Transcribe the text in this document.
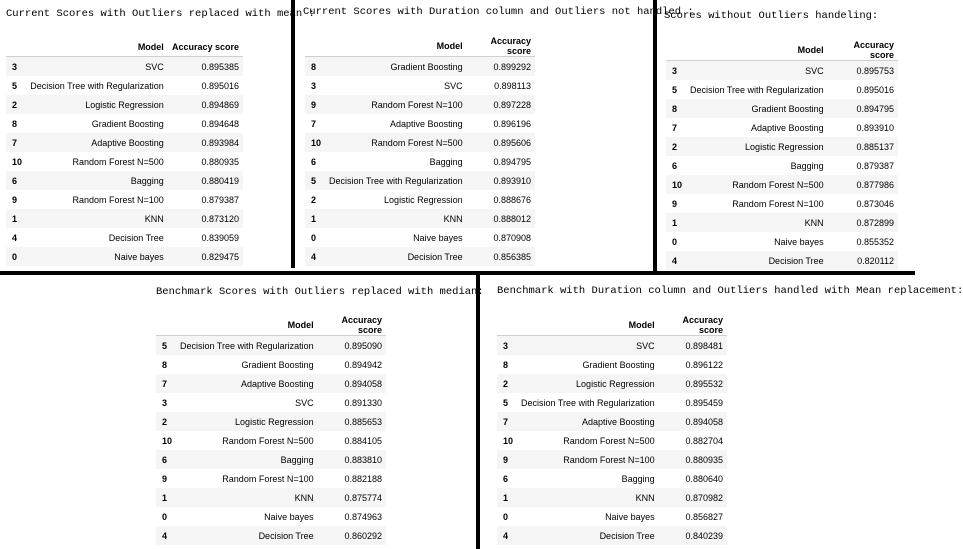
Current Scores with Outliers replaced with mean :
	Model	Accuracy score
3	SVC	0.895385
5	Decision Tree with Regularization	0.895016
2	Logistic Regression	0.894869
8	Gradient Boosting	0.894648
7	Adaptive Boosting	0.893984
10	Random Forest N=500	0.880935
6	Bagging	0.880419
9	Random Forest N=100	0.879387
1	KNN	0.873120
4	Decision Tree	0.839059
0	Naive bayes	0.829475
Current Scores with Duration column and Outliers not handled :
	Model	Accuracy score
8	Gradient Boosting	0.899292
3	SVC	0.898113
9	Random Forest N=100	0.897228
7	Adaptive Boosting	0.896196
10	Random Forest N=500	0.895606
6	Bagging	0.894795
5	Decision Tree with Regularization	0.893910
2	Logistic Regression	0.888676
1	KNN	0.888012
0	Naive bayes	0.870908
4	Decision Tree	0.856385
Scores without Outliers handeling:
	Model	Accuracy score
3	SVC	0.895753
5	Decision Tree with Regularization	0.895016
8	Gradient Boosting	0.894795
7	Adaptive Boosting	0.893910
2	Logistic Regression	0.885137
6	Bagging	0.879387
10	Random Forest N=500	0.877986
9	Random Forest N=100	0.873046
1	KNN	0.872899
0	Naive bayes	0.855352
4	Decision Tree	0.820112
Benchmark Scores with Outliers replaced with median:
	Model	Accuracy score
5	Decision Tree with Regularization	0.895090
8	Gradient Boosting	0.894942
7	Adaptive Boosting	0.894058
3	SVC	0.891330
2	Logistic Regression	0.885653
10	Random Forest N=500	0.884105
6	Bagging	0.883810
9	Random Forest N=100	0.882188
1	KNN	0.875774
0	Naive bayes	0.874963
4	Decision Tree	0.860292
Benchmark with Duration column and Outliers handled with Mean replacement:
	Model	Accuracy score
3	SVC	0.898481
8	Gradient Boosting	0.896122
2	Logistic Regression	0.895532
5	Decision Tree with Regularization	0.895459
7	Adaptive Boosting	0.894058
10	Random Forest N=500	0.882704
9	Random Forest N=100	0.880935
6	Bagging	0.880640
1	KNN	0.870982
0	Naive bayes	0.856827
4	Decision Tree	0.840239
